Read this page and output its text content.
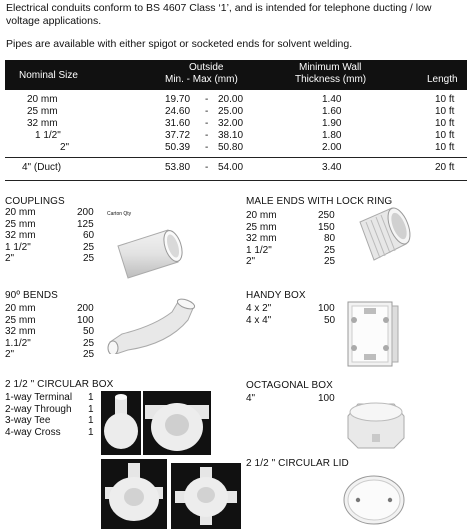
Electrical conduits conform to BS 4607 Class ‘1’, and is intended for telephone ducting / low
voltage applications.
Pipes are available with either spigot or socketed ends for solvent welding.
Nominal Size
Outside
Min. - Max (mm)
Minimum Wall
Thickness (mm)	Length
20 mm	19.70 - 20.00	1.40	10 ft
25 mm	24.60 - 25.00	1.60	10 ft
32 mm	31.60 - 32.00	1.90	10 ft
1 1/2"	37.72 - 38.10	1.80	10 ft
2"	50.39 - 50.80	2.00	10 ft
4" (Duct)	53.80 - 54.00	3.40	20 ft
COUPLINGS
Carton Qty
20 mm	200
25 mm	125
32 mm	60
1 1/2"	25
2"	25
MALE ENDS WITH LOCK RING
20 mm	250
25 mm	150
32 mm	80
1 1/2"	25
2"	25
90º BENDS
20 mm	200
25 mm	100
32 mm	50
1.1/2"	25
2"	25
HANDY BOX
4 x 2"	100
4 x 4"	50
2 1/2 " CIRCULAR BOX
1-way Terminal 1
2-way Through 1
3-way Tee	1
4-way Cross	1
OCTAGONAL BOX
4"	100
2 1/2 " CIRCULAR LID
